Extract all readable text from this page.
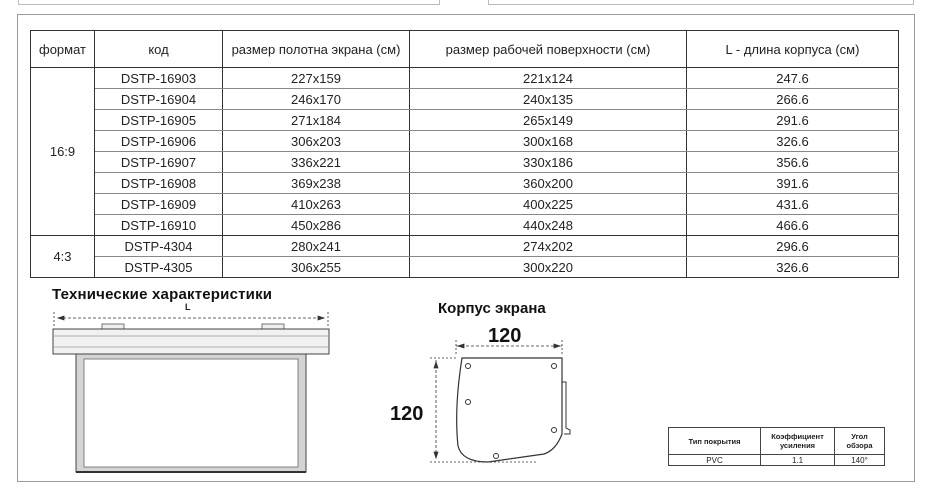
формат	код	размер полотна экрана (см)	размер рабочей поверхности (см)	L - длина корпуса (см)
16:9	DSTP-16903	227x159	221x124	247.6
	DSTP-16904	246x170	240x135	266.6
	DSTP-16905	271x184	265x149	291.6
	DSTP-16906	306x203	300x168	326.6
	DSTP-16907	336x221	330x186	356.6
	DSTP-16908	369x238	360x200	391.6
	DSTP-16909	410x263	400x225	431.6
	DSTP-16910	450x286	440x248	466.6
4:3	DSTP-4304	280x241	274x202	296.6
	DSTP-4305	306x255	300x220	326.6
Технические характеристики
L	Корпус экрана
120
120
Тип покрытия	Коэффициент усиления	Угол обзора
PVC	1.1	140°
